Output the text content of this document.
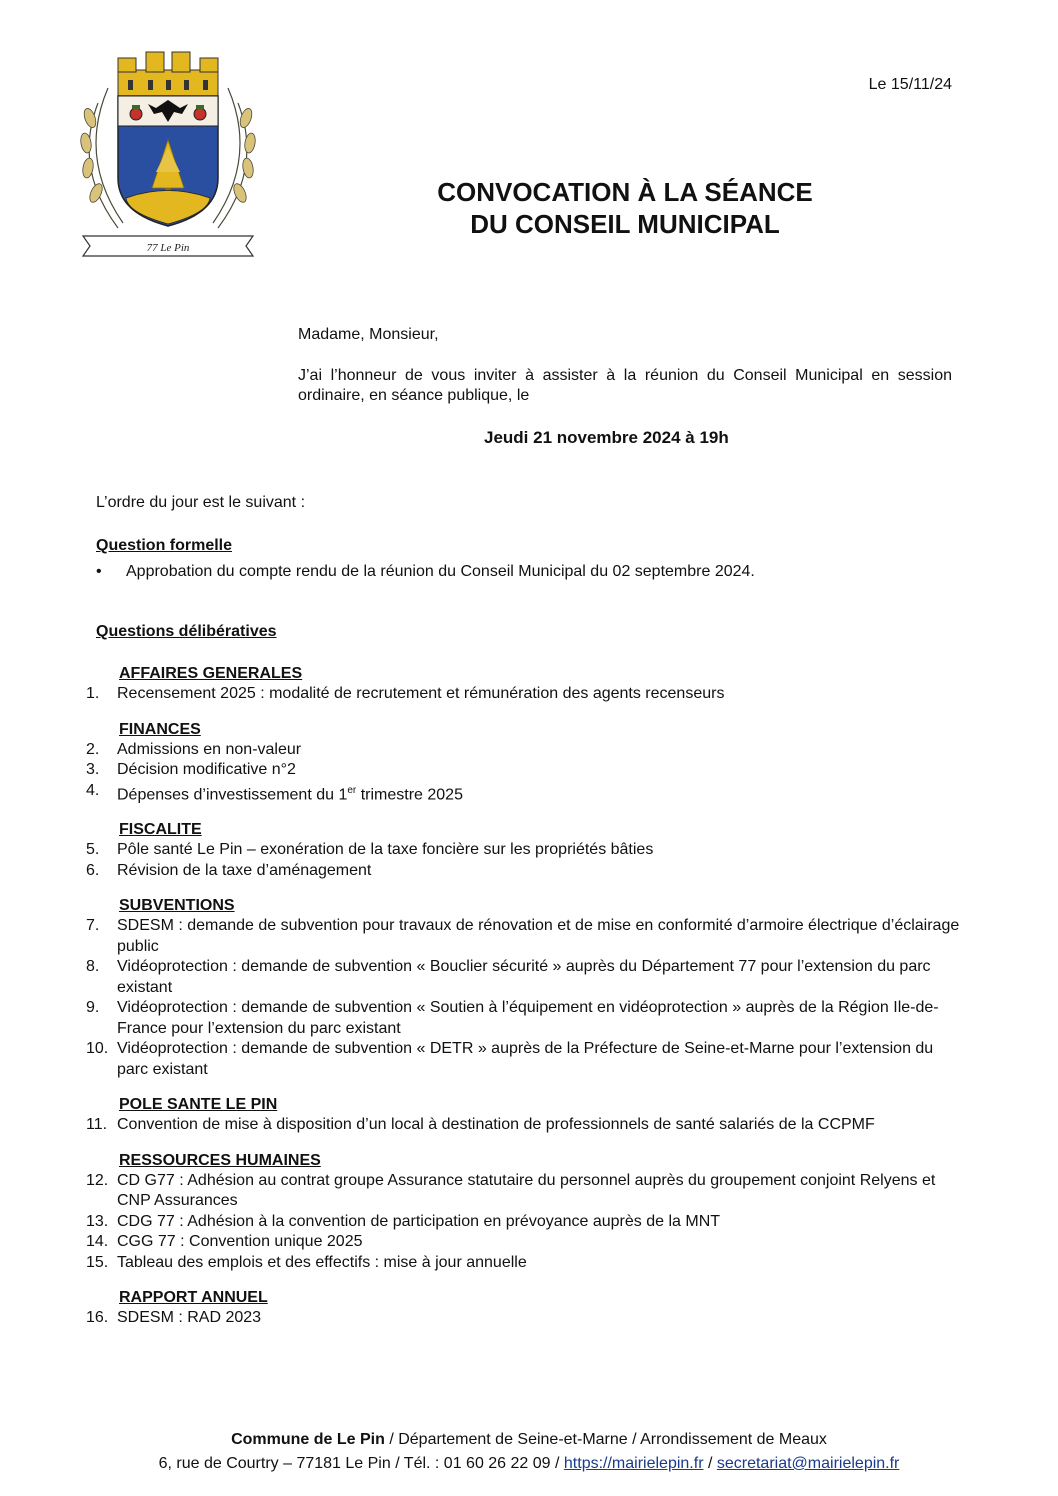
77 Le Pin
Le 15/11/24
CONVOCATION À LA SÉANCE
DU CONSEIL MUNICIPAL
Madame, Monsieur,
J’ai l’honneur de vous inviter à assister à la réunion du Conseil Municipal en session ordinaire, en séance publique, le
Jeudi 21 novembre 2024 à 19h
L’ordre du jour est le suivant :
Question formelle
• Approbation du compte rendu de la réunion du Conseil Municipal du 02 septembre 2024.
Questions délibératives
AFFAIRES GENERALES
1.	Recensement 2025 : modalité de recrutement et rémunération des agents recenseurs
FINANCES
2.	Admissions en non-valeur
3.	Décision modificative n°2
4.	Dépenses d’investissement du 1er trimestre 2025
FISCALITE
5.	Pôle santé Le Pin – exonération de la taxe foncière sur les propriétés bâties
6.	Révision de la taxe d’aménagement
SUBVENTIONS
7.	SDESM : demande de subvention pour travaux de rénovation et de mise en conformité d’armoire électrique d’éclairage public
8.	Vidéoprotection : demande de subvention « Bouclier sécurité » auprès du Département 77 pour l’extension du parc existant
9.	Vidéoprotection : demande de subvention « Soutien à l’équipement en vidéoprotection » auprès de la Région Ile-de-France pour l’extension du parc existant
10. Vidéoprotection : demande de subvention « DETR » auprès de la Préfecture de Seine-et-Marne pour l’extension du parc existant
POLE SANTE LE PIN
11. Convention de mise à disposition d’un local à destination de professionnels de santé salariés de la CCPMF
RESSOURCES HUMAINES
12. CD G77 : Adhésion au contrat groupe Assurance statutaire du personnel auprès du groupement conjoint Relyens et CNP Assurances
13. CDG 77 : Adhésion à la convention de participation en prévoyance auprès de la MNT
14. CGG 77 : Convention unique 2025
15. Tableau des emplois et des effectifs : mise à jour annuelle
RAPPORT ANNUEL
16. SDESM : RAD 2023
Commune de Le Pin / Département de Seine-et-Marne / Arrondissement de Meaux
6, rue de Courtry – 77181 Le Pin / Tél. : 01 60 26 22 09 / https://mairielepin.fr / secretariat@mairielepin.fr
